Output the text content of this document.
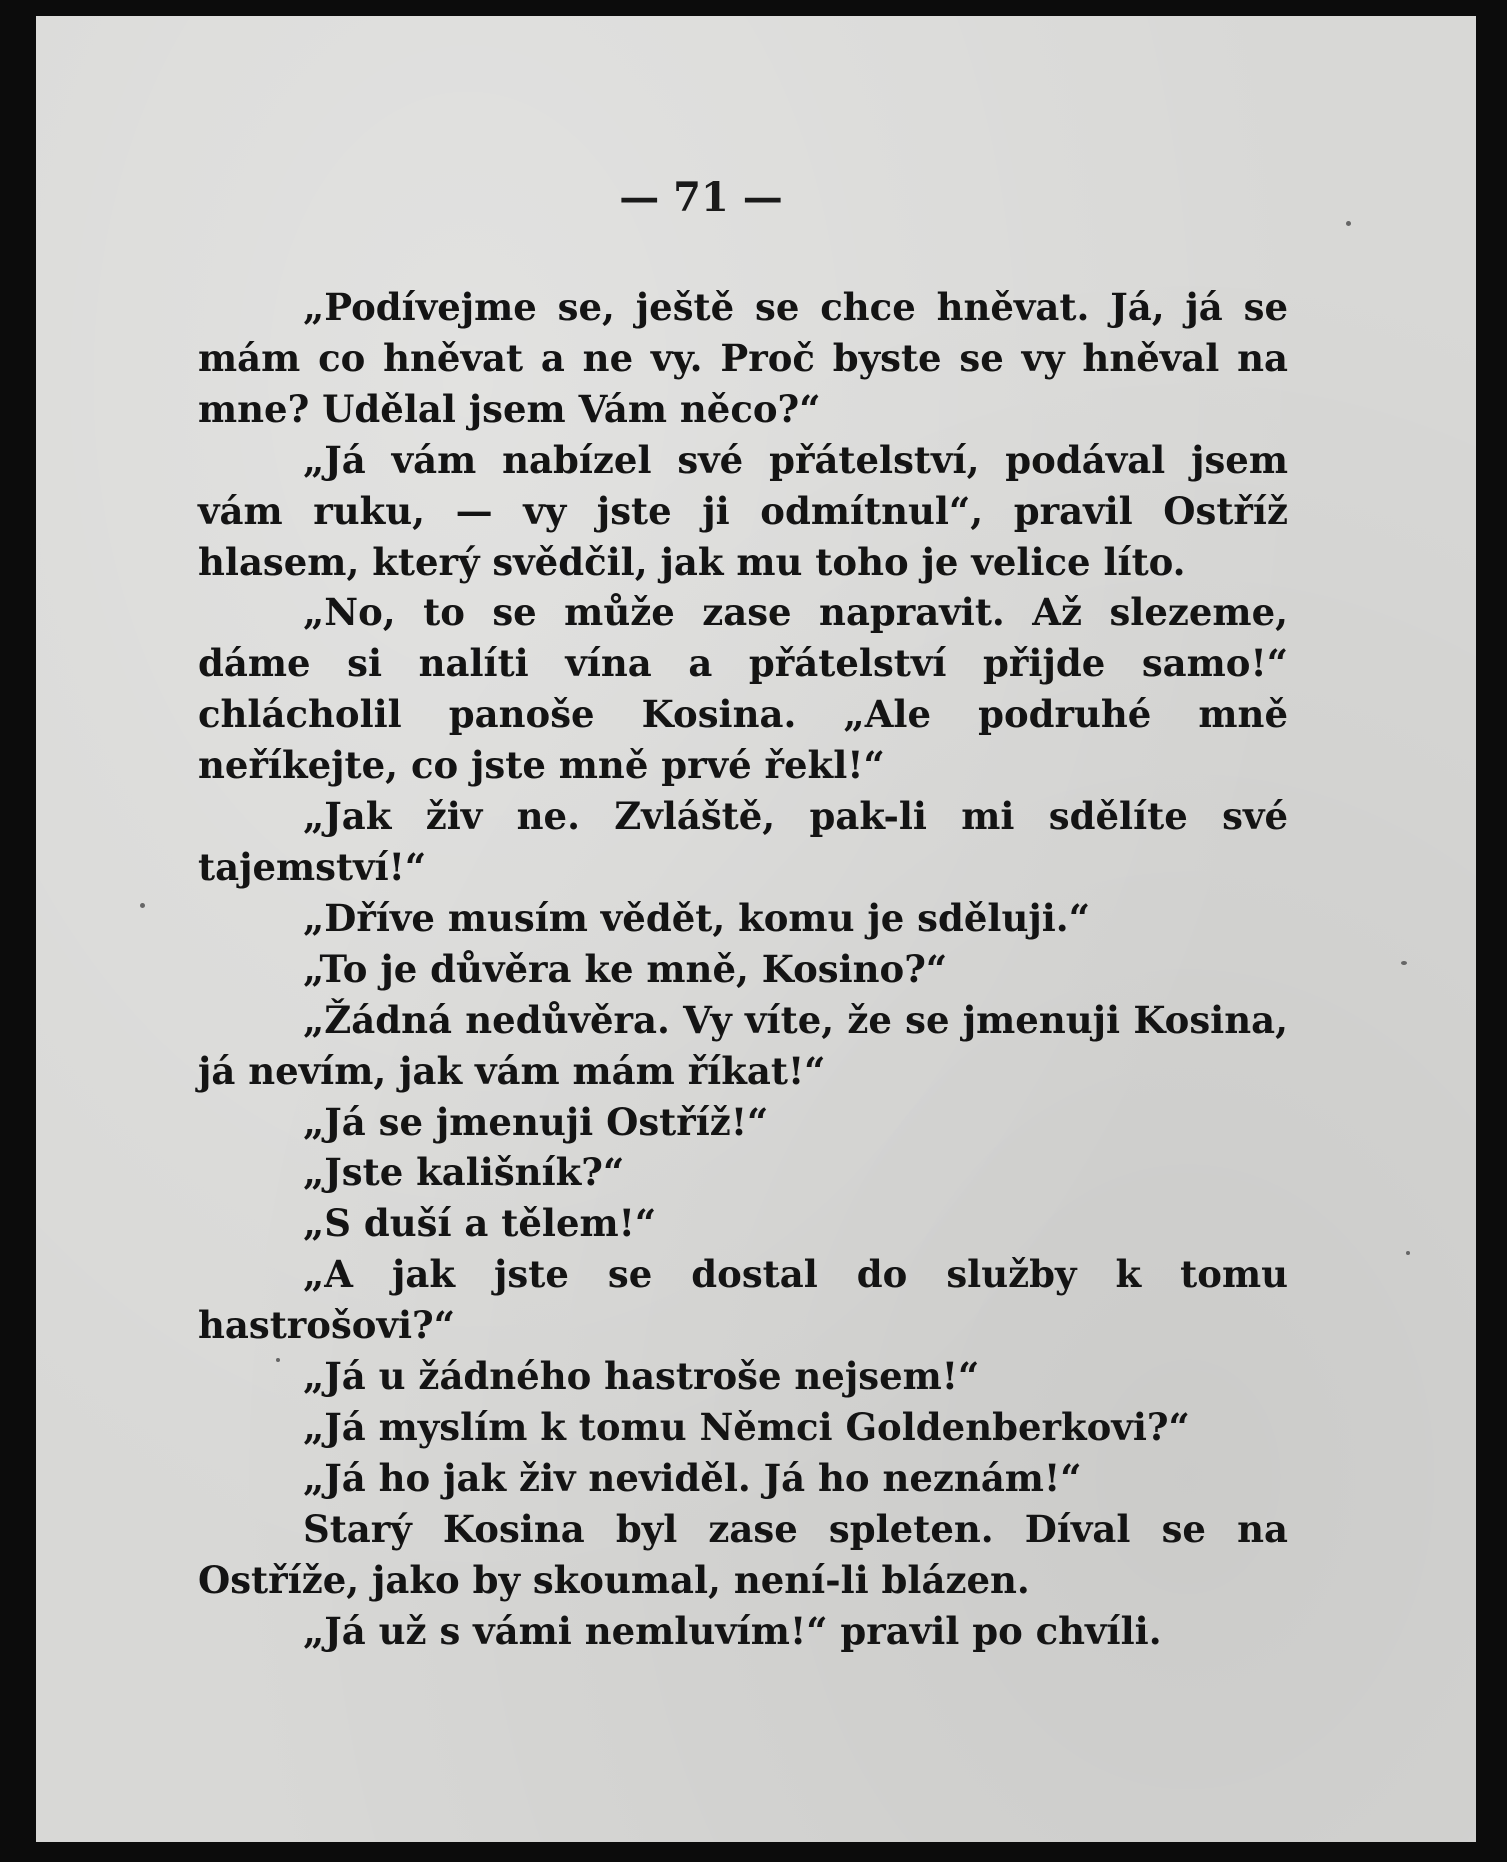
— 71 —

„Podívejme se, ještě se chce hněvat. Já, já se mám co hněvat a ne vy. Proč byste se vy hněval na mne? Udělal jsem Vám něco?“

„Já vám nabízel své přátelství, podával jsem vám ruku, — vy jste ji odmítnul“, pravil Ostříž hlasem, který svědčil, jak mu toho je velice líto.

„No, to se může zase napravit. Až slezeme, dáme si nalíti vína a přátelství přijde samo!“ chlácholil panoše Kosina. „Ale podruhé mně neříkejte, co jste mně prvé řekl!“

„Jak živ ne. Zvláště, pak-li mi sdělíte své tajemství!“

„Dříve musím vědět, komu je sděluji.“

„To je důvěra ke mně, Kosino?“

„Žádná nedůvěra. Vy víte, že se jmenuji Kosina, já nevím, jak vám mám říkat!“

„Já se jmenuji Ostříž!“

„Jste kališník?“

„S duší a tělem!“

„A jak jste se dostal do služby k tomu hastrošovi?“

„Já u žádného hastroše nejsem!“

„Já myslím k tomu Němci Goldenberkovi?“

„Já ho jak živ neviděl. Já ho neznám!“

Starý Kosina byl zase spleten. Díval se na Ostříže, jako by skoumal, není-li blázen.

„Já už s vámi nemluvím!“ pravil po chvíli.
